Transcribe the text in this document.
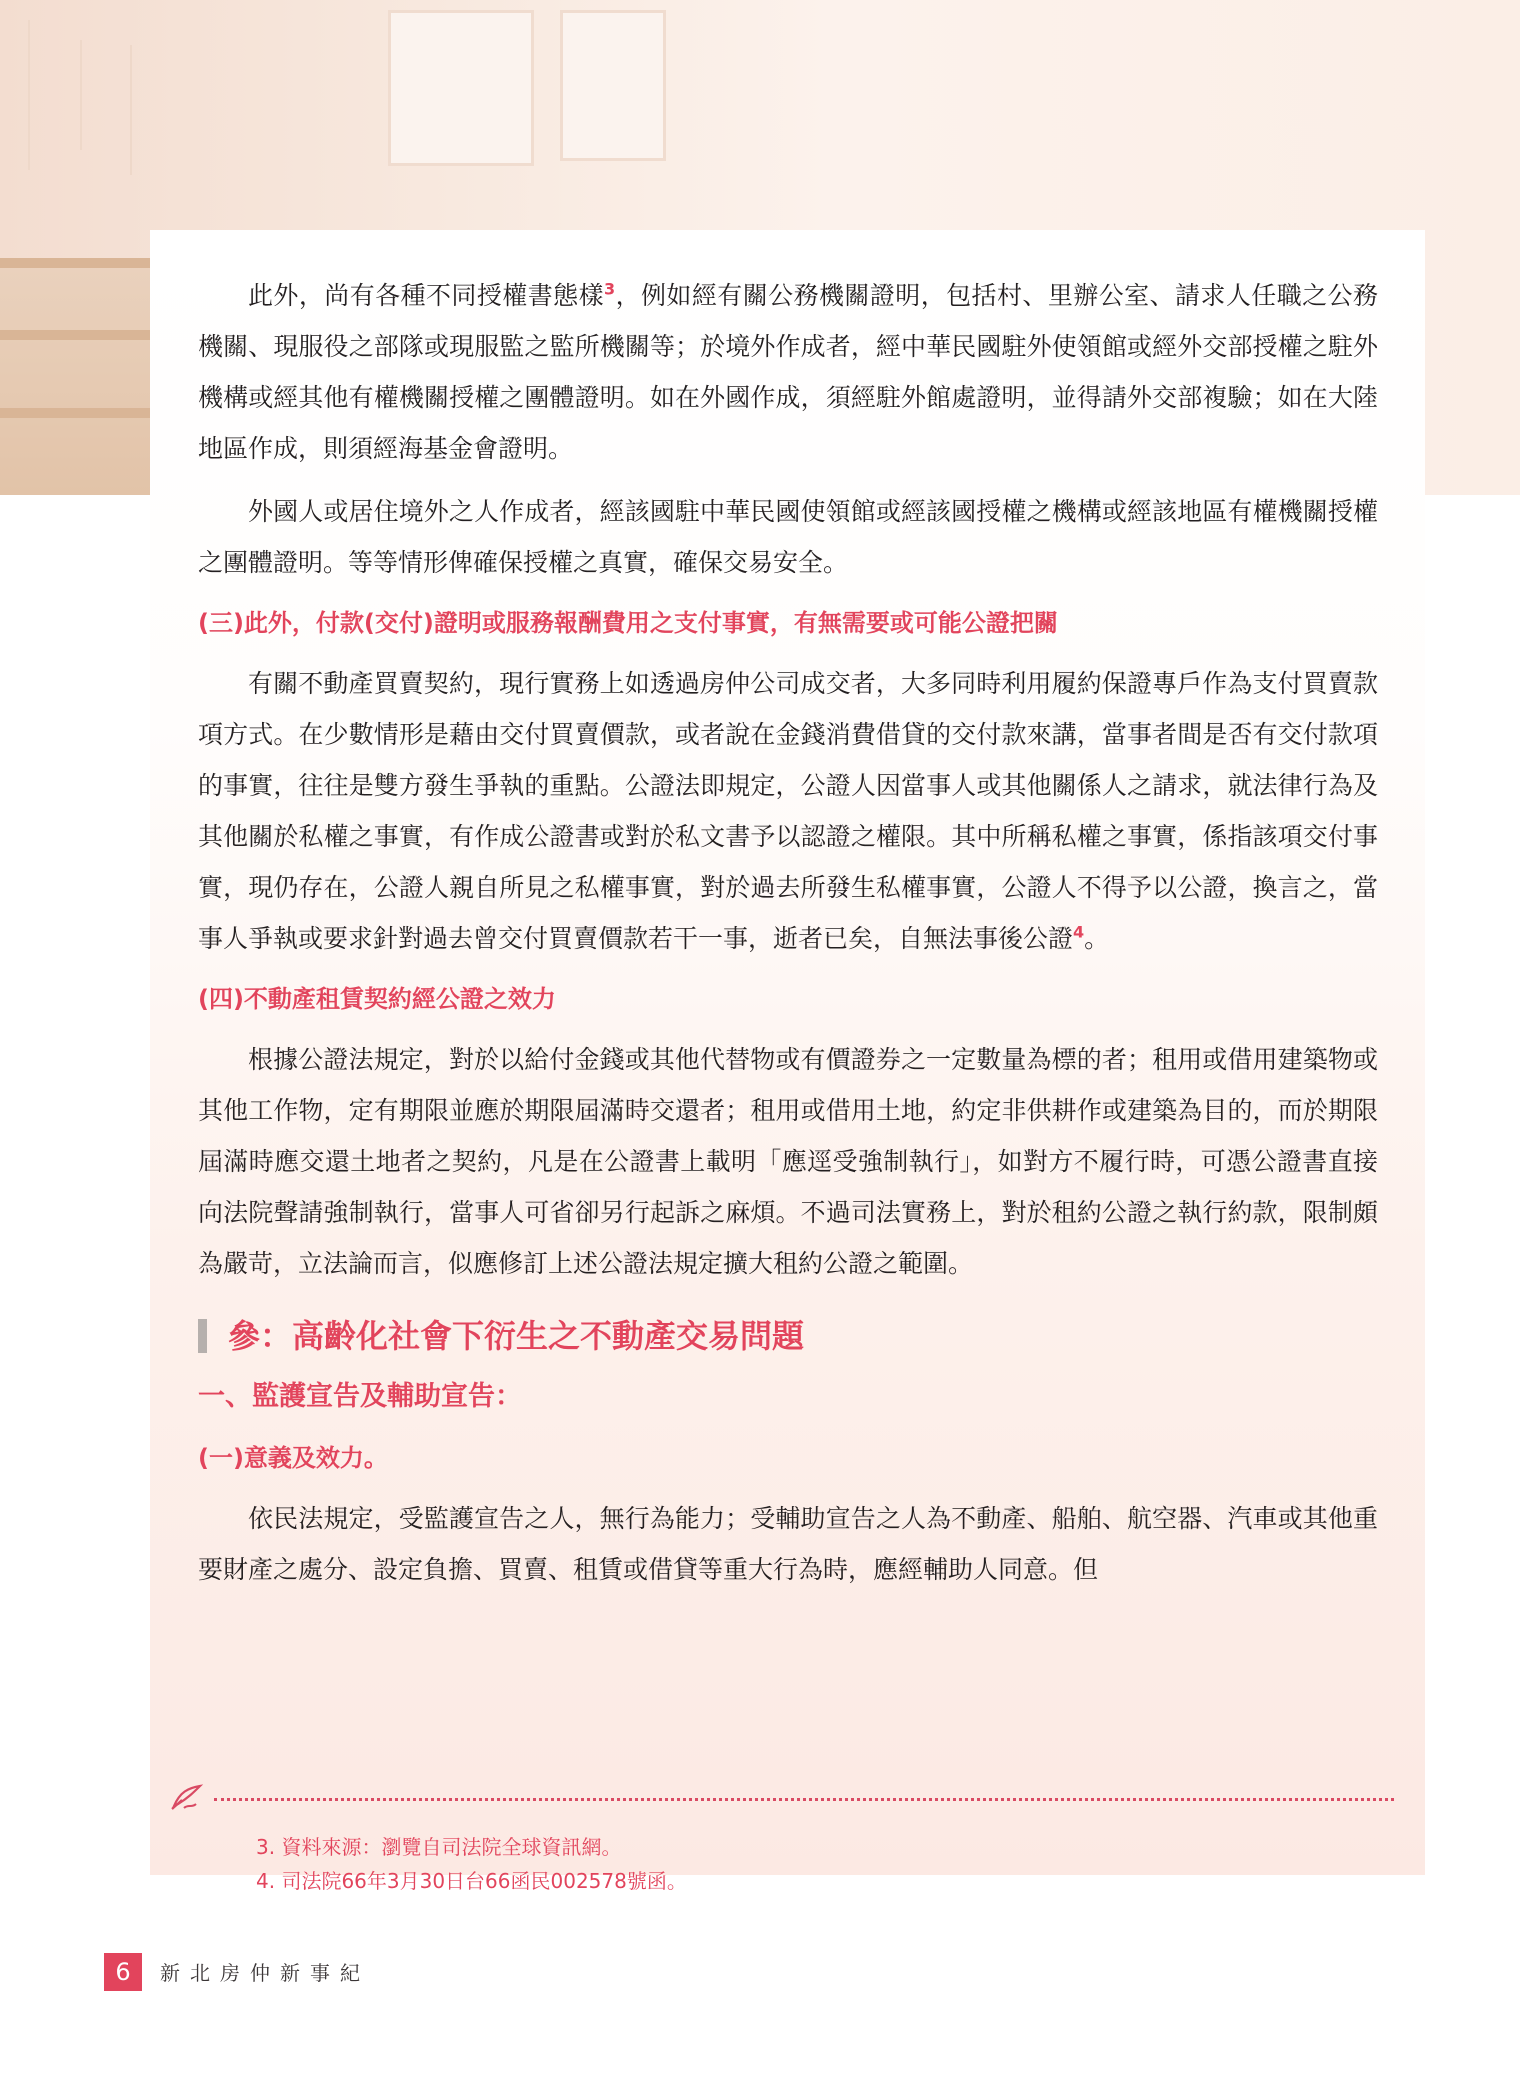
此外，尚有各種不同授權書態樣$^3$，例如經有關公務機關證明，包括村、里辦公室、請求人任職之公務機關、現服役之部隊或現服監之監所機關等；於境外作成者，經中華民國駐外使領館或經外交部授權之駐外機構或經其他有權機關授權之團體證明。如在外國作成，須經駐外館處證明，並得請外交部複驗；如在大陸地區作成，則須經海基金會證明。

外國人或居住境外之人作成者，經該國駐中華民國使領館或經該國授權之機構或經該地區有權機關授權之團體證明。等等情形俾確保授權之真實，確保交易安全。

(三)此外，付款(交付)證明或服務報酬費用之支付事實，有無需要或可能公證把關

有關不動產買賣契約，現行實務上如透過房仲公司成交者，大多同時利用履約保證專戶作為支付買賣款項方式。在少數情形是藉由交付買賣價款，或者說在金錢消費借貸的交付款來講，當事者間是否有交付款項的事實，往往是雙方發生爭執的重點。公證法即規定，公證人因當事人或其他關係人之請求，就法律行為及其他關於私權之事實，有作成公證書或對於私文書予以認證之權限。其中所稱私權之事實，係指該項交付事實，現仍存在，公證人親自所見之私權事實，對於過去所發生私權事實，公證人不得予以公證，換言之，當事人爭執或要求針對過去曾交付買賣價款若干一事，逝者已矣，自無法事後公證$^4$。

(四)不動產租賃契約經公證之效力

根據公證法規定，對於以給付金錢或其他代替物或有價證券之一定數量為標的者；租用或借用建築物或其他工作物，定有期限並應於期限屆滿時交還者；租用或借用土地，約定非供耕作或建築為目的，而於期限屆滿時應交還土地者之契約，凡是在公證書上載明「應逕受強制執行」，如對方不履行時，可憑公證書直接向法院聲請強制執行，當事人可省卻另行起訴之麻煩。不過司法實務上，對於租約公證之執行約款，限制頗為嚴苛，立法論而言，似應修訂上述公證法規定擴大租約公證之範圍。

參：高齡化社會下衍生之不動產交易問題
一、監護宣告及輔助宣告：
(一)意義及效力。

依民法規定，受監護宣告之人，無行為能力；受輔助宣告之人為不動產、船舶、航空器、汽車或其他重要財產之處分、設定負擔、買賣、租賃或借貸等重大行為時，應經輔助人同意。但

3. 資料來源：瀏覽自司法院全球資訊網。
4. 司法院66年3月30日台66函民002578號函。
6	新北房仲新事紀
